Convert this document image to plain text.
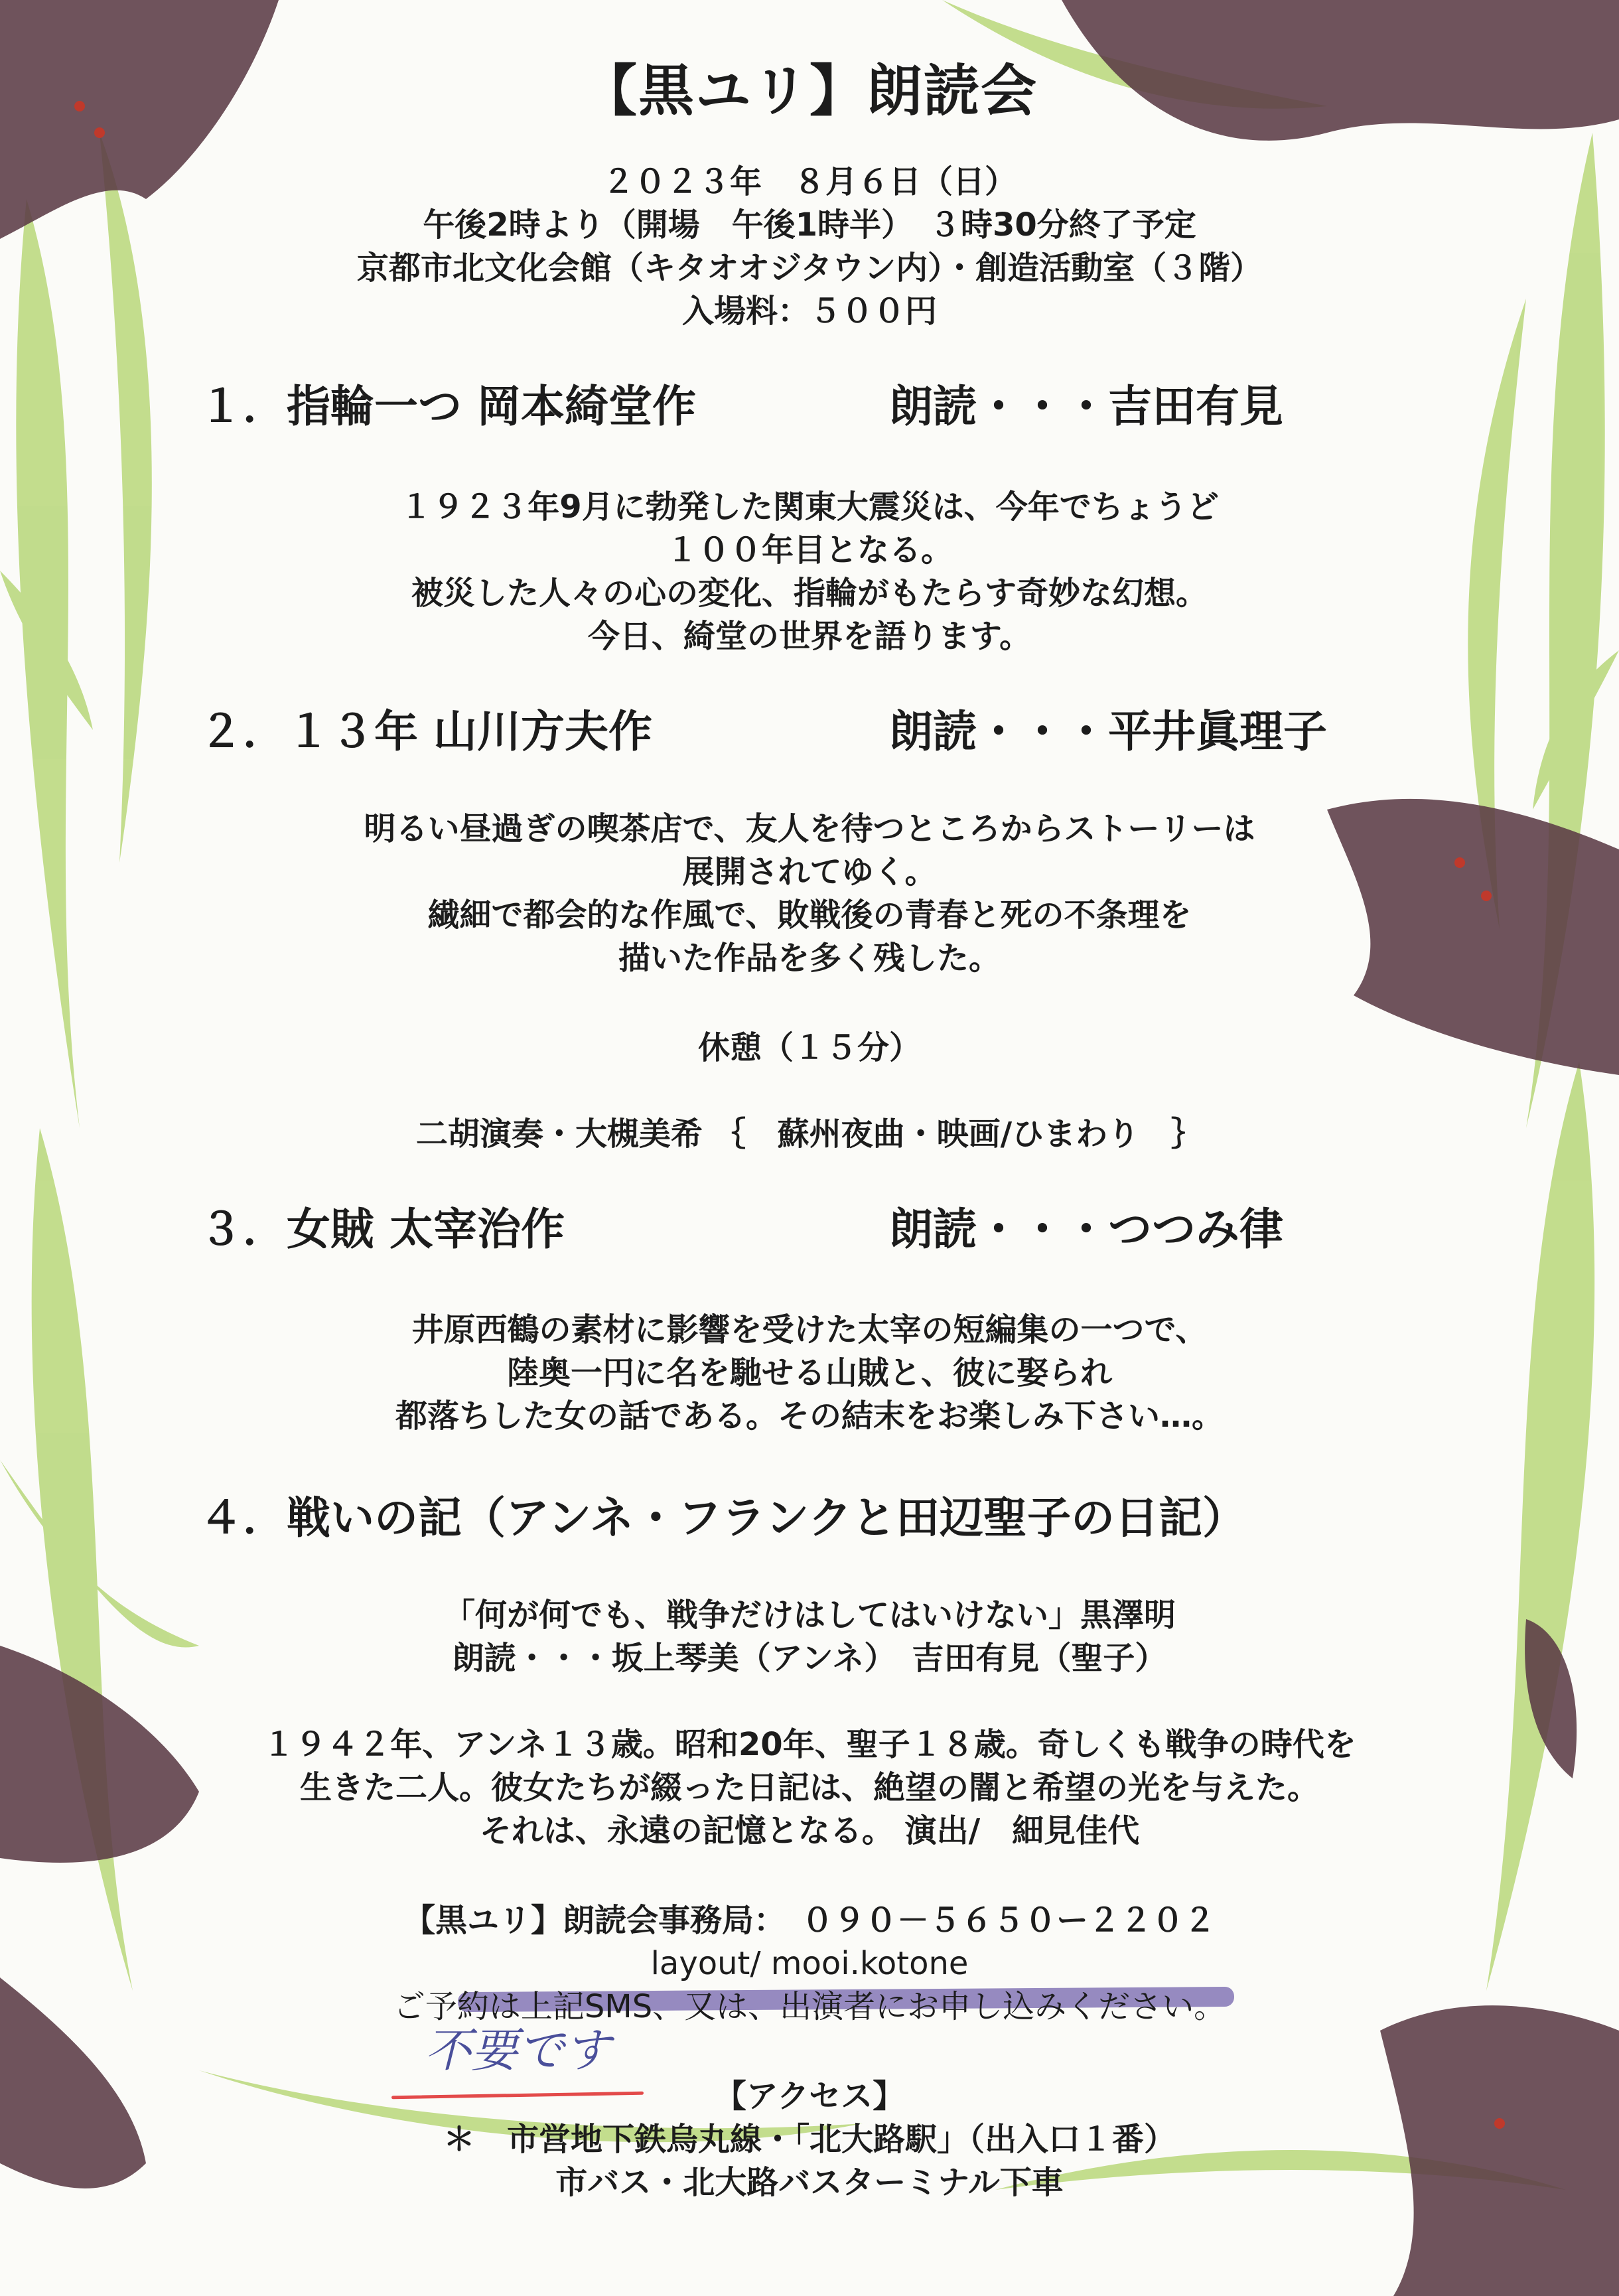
【黒ユリ】朗読会
２０２３年　８月６日（日）
午後2時より（開場　午後1時半）　３時30分終了予定
京都市北文化会館（キタオオジタウン内）・創造活動室（３階）
入場料：５００円
１．指輪一つ 岡本綺堂作	朗読・・・吉田有見
１９２３年9月に勃発した関東大震災は、今年でちょうど
１００年目となる。
被災した人々の心の変化、指輪がもたらす奇妙な幻想。
今日、綺堂の世界を語ります。
２．１３年 山川方夫作	朗読・・・平井眞理子
明るい昼過ぎの喫茶店で、友人を待つところからストーリーは
展開されてゆく。
繊細で都会的な作風で、敗戦後の青春と死の不条理を
描いた作品を多く残した。
休憩（１５分）
二胡演奏・大槻美希 ｛　蘇州夜曲・映画/ひまわり　｝
３．女賊 太宰治作	朗読・・・つつみ律
井原西鶴の素材に影響を受けた太宰の短編集の一つで、
陸奥一円に名を馳せる山賊と、彼に娶られ
都落ちした女の話である。その結末をお楽しみ下さい…。
４．戦いの記（アンネ・フランクと田辺聖子の日記）
「何が何でも、戦争だけはしてはいけない」黒澤明
朗読・・・坂上琴美（アンネ）　吉田有見（聖子）
１９４２年、アンネ１３歳。昭和20年、聖子１８歳。奇しくも戦争の時代を
生きた二人。彼女たちが綴った日記は、絶望の闇と希望の光を与えた。
それは、永遠の記憶となる。 演出/　細見佳代
【黒ユリ】朗読会事務局：　０９０－５６５０ー２２０２
layout/ mooi.kotone
ご予約は上記SMS、又は、出演者にお申し込みください。
不要です
【アクセス】
＊　市営地下鉄烏丸線・「北大路駅」（出入口１番）
市バス・北大路バスターミナル下車
